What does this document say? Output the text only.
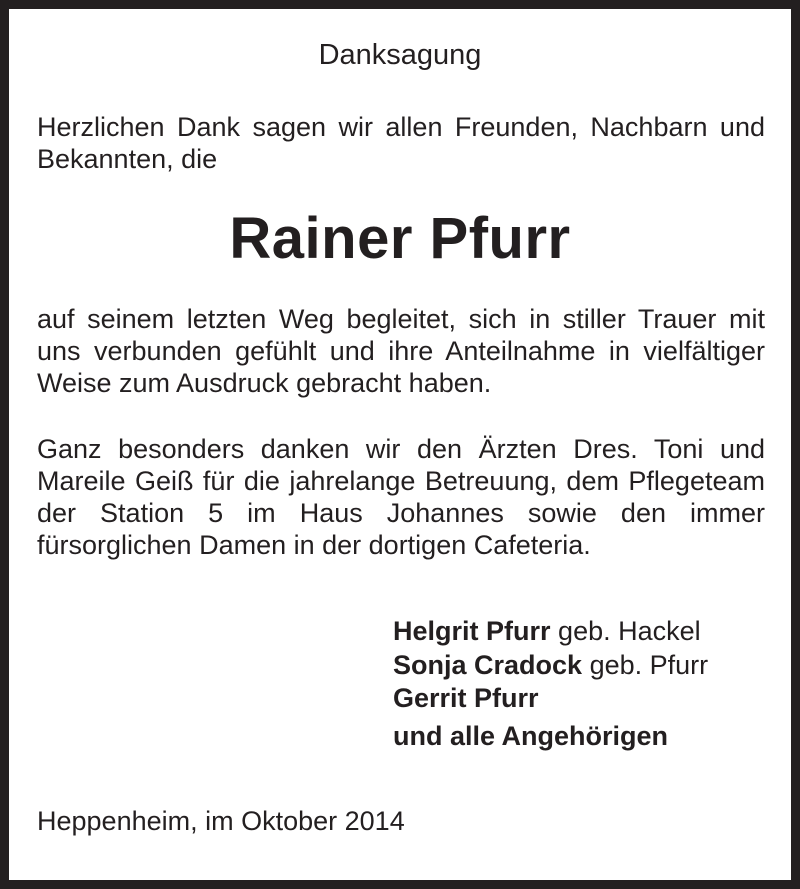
Danksagung
Herzlichen Dank sagen wir allen Freunden, Nachbarn und Bekannten, die
Rainer Pfurr
auf seinem letzten Weg begleitet, sich in stiller Trauer mit uns verbunden gefühlt und ihre Anteilnahme in vielfältiger Weise zum Ausdruck gebracht haben.
Ganz besonders danken wir den Ärzten Dres. Toni und Mareile Geiß für die jahrelange Betreuung, dem Pflegeteam der Station 5 im Haus Johannes sowie den immer fürsorglichen Damen in der dortigen Cafeteria.
Helgrit Pfurr geb. Hackel
Sonja Cradock geb. Pfurr
Gerrit Pfurr
und alle Angehörigen
Heppenheim, im Oktober 2014
